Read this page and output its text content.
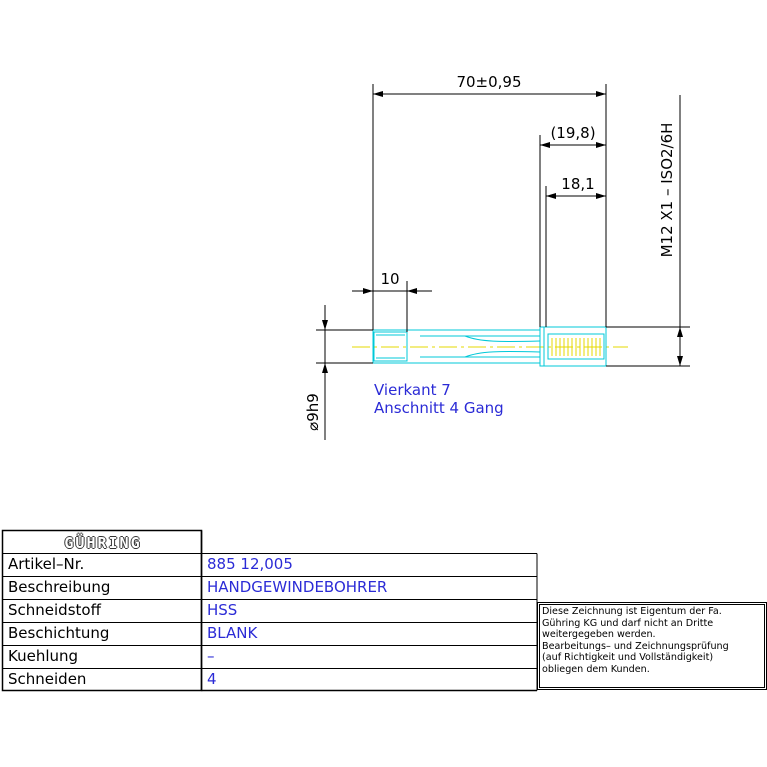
70±0,95
(19,8)
18,1
10
M12 X1 – ISO2/6H
⌀9h9
Vierkant 7
Anschnitt 4 Gang
GÜHRING
Artikel–Nr.	885 12,005
Beschreibung	HANDGEWINDEBOHRER
Schneidstoff	HSS
Beschichtung	BLANK
Kuehlung	–
Schneiden	4
Diese Zeichnung ist Eigentum der Fa.
Gühring KG und darf nicht an Dritte
weitergegeben werden.
Bearbeitungs– und Zeichnungsprüfung
(auf Richtigkeit und Vollständigkeit)
obliegen dem Kunden.
